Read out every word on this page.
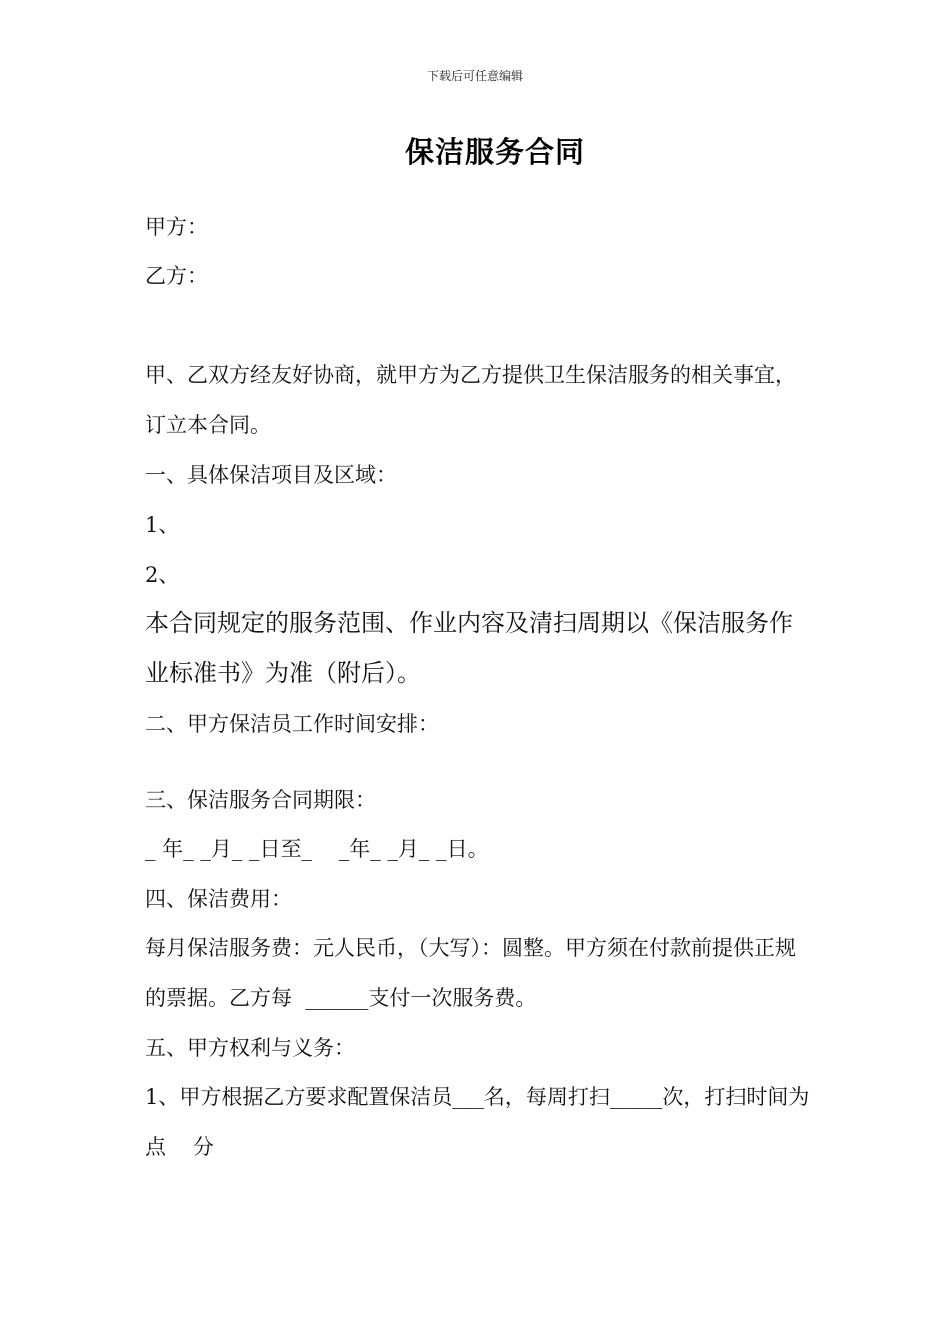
下载后可任意编辑
保洁服务合同
甲方：
乙方：
甲、乙双方经友好协商，就甲方为乙方提供卫生保洁服务的相关事宜，
订立本合同。
一、具体保洁项目及区域：
1、
2、
本合同规定的服务范围、作业内容及清扫周期以《保洁服务作
业标准书》为准（附后）。
二、甲方保洁员工作时间安排：
三、保洁服务合同期限：
_ 年_ _月_ _日至_    _年_ _月_ _日。
四、保洁费用：
每月保洁服务费：元人民币，（大写）：圆整。甲方须在付款前提供正规
的票据。乙方每  ______支付一次服务费。
五、甲方权利与义务：
1、甲方根据乙方要求配置保洁员___名，每周打扫_____次，打扫时间为
点    分
